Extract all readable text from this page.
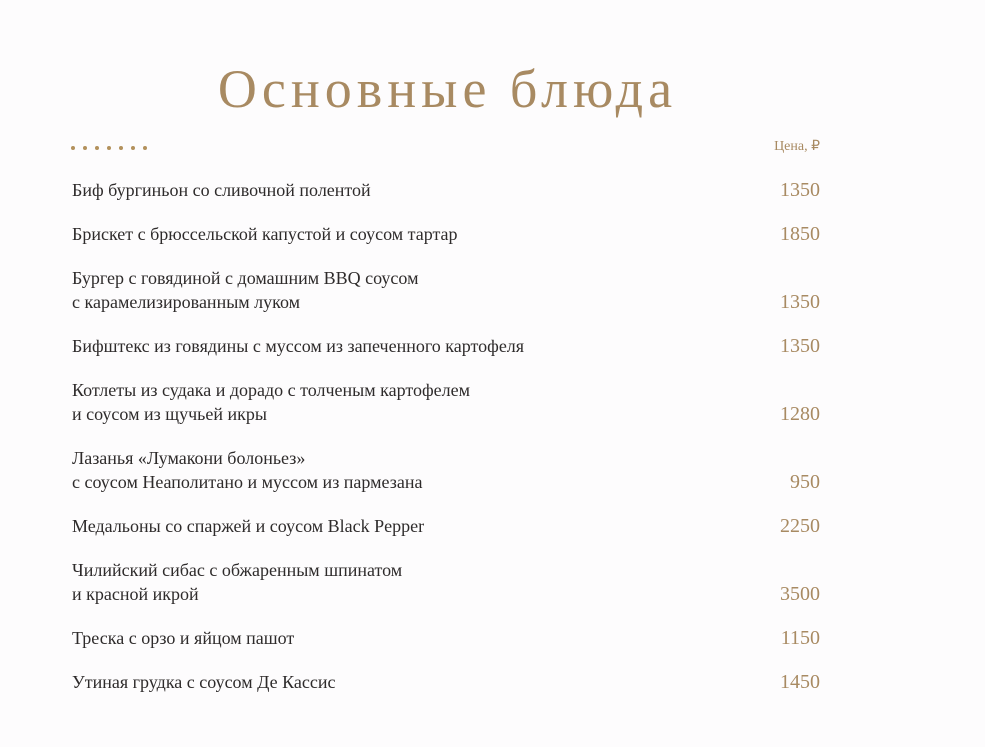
Основные блюда
Цена, ₽
Биф бургиньон со сливочной полентой	1350
Брискет с брюссельской капустой и соусом тартар	1850
Бургер с говядиной с домашним BBQ соусом
с карамелизированным луком	1350
Бифштекс из говядины с муссом из запеченного картофеля	1350
Котлеты из судака и дорадо с толченым картофелем
и соусом из щучьей икры	1280
Лазанья «Лумакони болоньез»
с соусом Неаполитано и муссом из пармезана	950
Медальоны со спаржей и соусом Black Pepper	2250
Чилийский сибас с обжаренным шпинатом
и красной икрой	3500
Треска с орзо и яйцом пашот	1150
Утиная грудка с соусом Де Кассис	1450
